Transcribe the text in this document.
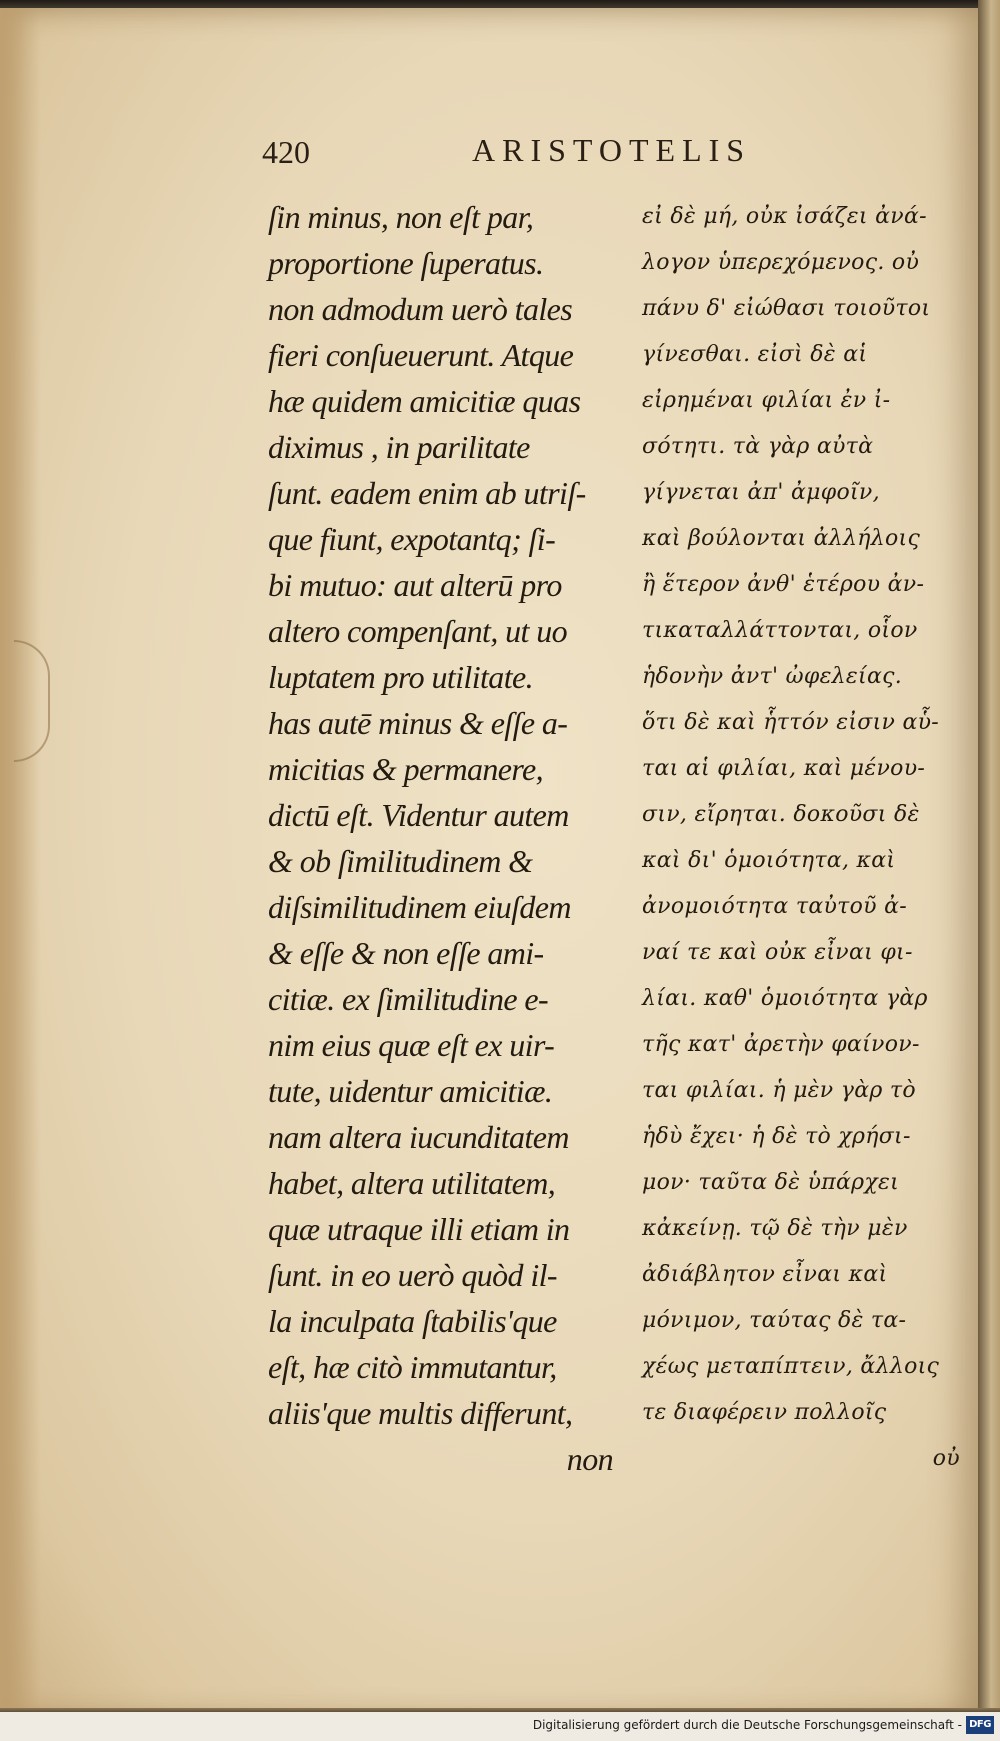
420	ARISTOTELIS
ſin minus, non eſt par,
proportione ſuperatus.
non admodum uerò tales
fieri conſueuerunt. Atque
hæ quidem amicitiæ quas
diximus , in parilitate
ſunt. eadem enim ab utriſ-
que fiunt, expotantq; ſi-
bi mutuo: aut alterū pro
altero compenſant, ut uo
luptatem pro utilitate.
has autē minus & eſſe a-
micitias & permanere,
dictū eſt. Videntur autem
& ob ſimilitudinem &
diſsimilitudinem eiuſdem
& eſſe & non eſſe ami-
citiæ. ex ſimilitudine e-
nim eius quæ eſt ex uir-
tute, uidentur amicitiæ.
nam altera iucunditatem
habet, altera utilitatem,
quæ utraque illi etiam in
ſunt. in eo uerò quòd il-
la inculpata ſtabilis'que
eſt, hæ citò immutantur,
aliis'que multis differunt,
non
εἰ δὲ μή, οὐκ ἰσάζει ἀνά-
λογον ὑπερεχόμενος. οὐ
πάνυ δ' εἰώθασι τοιοῦτοι
γίνεσθαι. εἰσὶ δὲ αἱ
εἰρημέναι φιλίαι ἐν ἰ-
σότητι. τὰ γὰρ αὐτὰ
γίγνεται ἀπ' ἀμφοῖν,
καὶ βούλονται ἀλλήλοις
ἢ ἕτερον ἀνθ' ἑτέρου ἀν-
τικαταλλάττονται, οἷον
ἡδονὴν ἀντ' ὠφελείας.
ὅτι δὲ καὶ ἧττόν εἰσιν αὗ-
ται αἱ φιλίαι, καὶ μένου-
σιν, εἴρηται. δοκοῦσι δὲ
καὶ δι' ὁμοιότητα, καὶ
ἀνομοιότητα ταὐτοῦ ἀ-
ναί τε καὶ οὐκ εἶναι φι-
λίαι. καθ' ὁμοιότητα γὰρ
τῆς κατ' ἀρετὴν φαίνον-
ται φιλίαι. ἡ μὲν γὰρ τὸ
ἡδὺ ἔχει· ἡ δὲ τὸ χρήσι-
μον· ταῦτα δὲ ὑπάρχει
κἀκείνῃ. τῷ δὲ τὴν μὲν
ἀδιάβλητον εἶναι καὶ
μόνιμον, ταύτας δὲ τα-
χέως μεταπίπτειν, ἄλλοις
τε διαφέρειν πολλοῖς
οὐ
Digitalisierung gefördert durch die Deutsche Forschungsgemeinschaft - DFG
